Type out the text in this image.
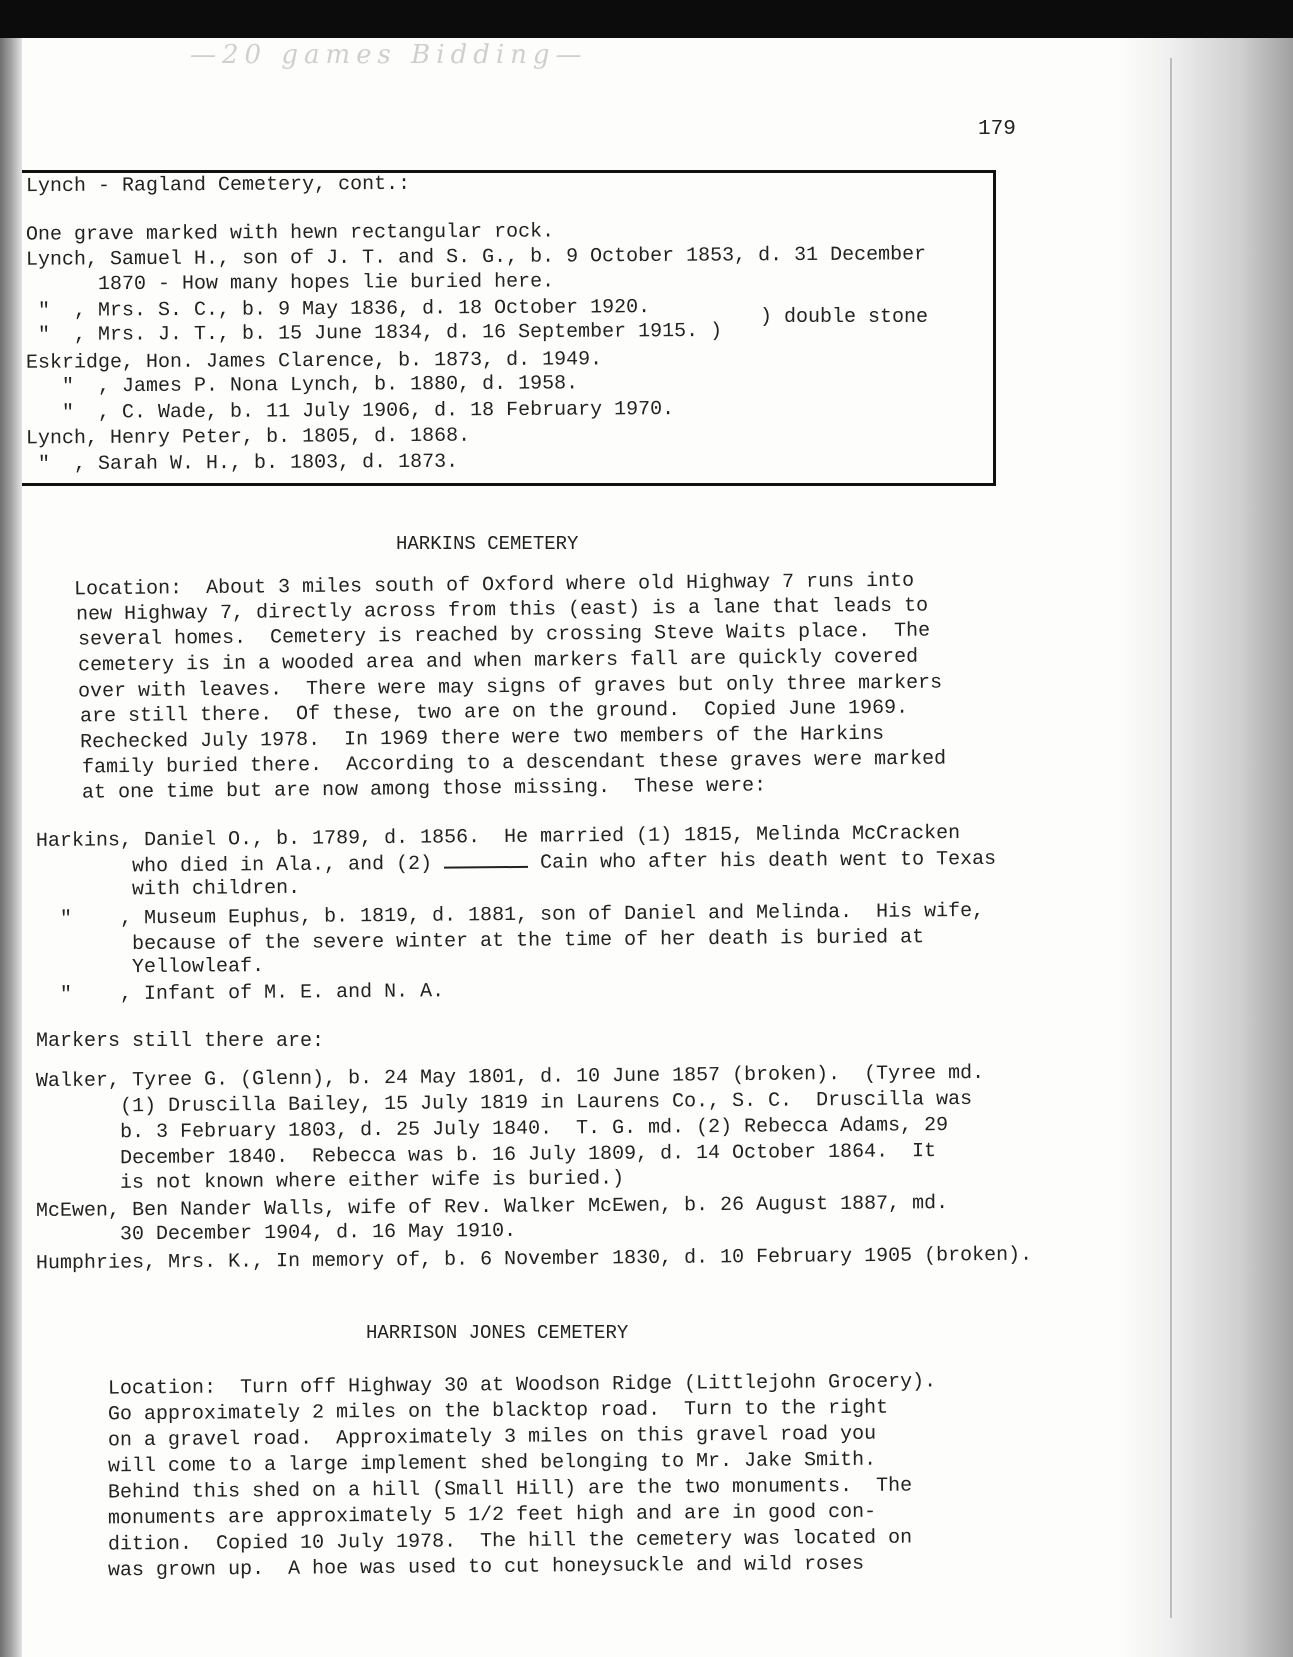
—20 games Bidding—
179
Lynch - Ragland Cemetery, cont.:
One grave marked with hewn rectangular rock.
Lynch, Samuel H., son of J. T. and S. G., b. 9 October 1853, d. 31 December
1870 - How many hopes lie buried here.
"  , Mrs. S. C., b. 9 May 1836, d. 18 October 1920.
"  , Mrs. J. T., b. 15 June 1834, d. 16 September 1915. )
) double stone
Eskridge, Hon. James Clarence, b. 1873, d. 1949.
"  , James P. Nona Lynch, b. 1880, d. 1958.
"  , C. Wade, b. 11 July 1906, d. 18 February 1970.
Lynch, Henry Peter, b. 1805, d. 1868.
"  , Sarah W. H., b. 1803, d. 1873.
HARKINS CEMETERY
Location:  About 3 miles south of Oxford where old Highway 7 runs into
new Highway 7, directly across from this (east) is a lane that leads to
several homes.  Cemetery is reached by crossing Steve Waits place.  The
cemetery is in a wooded area and when markers fall are quickly covered
over with leaves.  There were may signs of graves but only three markers
are still there.  Of these, two are on the ground.  Copied June 1969.
Rechecked July 1978.  In 1969 there were two members of the Harkins
family buried there.  According to a descendant these graves were marked
at one time but are now among those missing.  These were:
Harkins, Daniel O., b. 1789, d. 1856.  He married (1) 1815, Melinda McCracken
who died in Ala., and (2)	Cain who after his death went to Texas
with children.
"    , Museum Euphus, b. 1819, d. 1881, son of Daniel and Melinda.  His wife,
because of the severe winter at the time of her death is buried at
Yellowleaf.
"    , Infant of M. E. and N. A.
Markers still there are:
Walker, Tyree G. (Glenn), b. 24 May 1801, d. 10 June 1857 (broken).  (Tyree md.
(1) Druscilla Bailey, 15 July 1819 in Laurens Co., S. C.  Druscilla was
b. 3 February 1803, d. 25 July 1840.  T. G. md. (2) Rebecca Adams, 29
December 1840.  Rebecca was b. 16 July 1809, d. 14 October 1864.  It
is not known where either wife is buried.)
McEwen, Ben Nander Walls, wife of Rev. Walker McEwen, b. 26 August 1887, md.
30 December 1904, d. 16 May 1910.
Humphries, Mrs. K., In memory of, b. 6 November 1830, d. 10 February 1905 (broken).
HARRISON JONES CEMETERY
Location:  Turn off Highway 30 at Woodson Ridge (Littlejohn Grocery).
Go approximately 2 miles on the blacktop road.  Turn to the right
on a gravel road.  Approximately 3 miles on this gravel road you
will come to a large implement shed belonging to Mr. Jake Smith.
Behind this shed on a hill (Small Hill) are the two monuments.  The
monuments are approximately 5 1/2 feet high and are in good con-
dition.  Copied 10 July 1978.  The hill the cemetery was located on
was grown up.  A hoe was used to cut honeysuckle and wild roses
